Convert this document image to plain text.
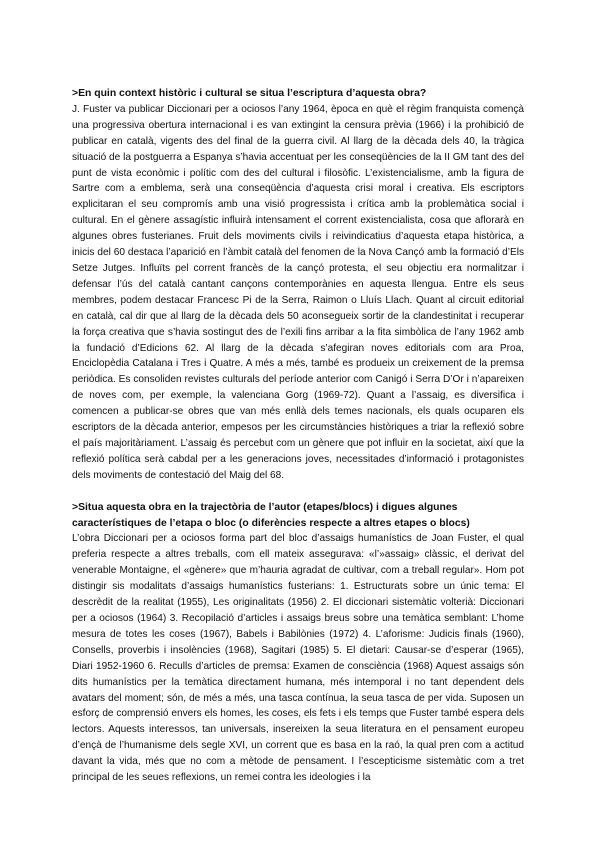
>En quin context històric i cultural se situa l’escriptura d’aquesta obra?

J. Fuster va publicar Diccionari per a ociosos l’any 1964, època en què el règim franquista començà una progressiva obertura internacional i es van extingint la censura prèvia (1966) i la prohibició de publicar en català, vigents des del final de la guerra civil. Al llarg de la dècada dels 40, la tràgica situació de la postguerra a Espanya s’havia accentuat per les conseqüències de la II GM tant des del punt de vista econòmic i polític com des del cultural i filosòfic. L’existencialisme, amb la figura de Sartre com a emblema, serà una conseqüència d’aquesta crisi moral i creativa. Els escriptors explicitaran el seu compromís amb una visió progressista i crítica amb la problemàtica social i cultural. En el gènere assagístic influirà intensament el corrent existencialista, cosa que aflorarà en algunes obres fusterianes. Fruit dels moviments civils i reivindicatius d’aquesta etapa històrica, a inicis del 60 destaca l’aparició en l’àmbit català del fenomen de la Nova Cançó amb la formació d’Els Setze Jutges. Influïts pel corrent francès de la cançó protesta, el seu objectiu era normalitzar i defensar l’ús del català cantant cançons contemporànies en aquesta llengua. Entre els seus membres, podem destacar Francesc Pi de la Serra, Raimon o Lluís Llach. Quant al circuit editorial en català, cal dir que al llarg de la dècada dels 50 aconsegueix sortir de la clandestinitat i recuperar la força creativa que s’havia sostingut des de l’exili fins arribar a la fita simbòlica de l’any 1962 amb la fundació d’Edicions 62. Al llarg de la dècada s’afegiran noves editorials com ara Proa, Enciclopèdia Catalana i Tres i Quatre. A més a més, també es produeix un creixement de la premsa periòdica. Es consoliden revistes culturals del període anterior com Canigó i Serra D’Or i n’apareixen de noves com, per exemple, la valenciana Gorg (1969-72). Quant a l’assaig, es diversifica i comencen a publicar-se obres que van més enllà dels temes nacionals, els quals ocuparen els escriptors de la dècada anterior, empesos per les circumstàncies històriques a triar la reflexió sobre el país majoritàriament. L’assaig és percebut com un gènere que pot influir en la societat, així que la reflexió política serà cabdal per a les generacions joves, necessitades d’informació i protagonistes dels moviments de contestació del Maig del 68.

>Situa aquesta obra en la trajectòria de l’autor (etapes/blocs) i digues algunes característiques de l’etapa o bloc (o diferències respecte a altres etapes o blocs)

L’obra Diccionari per a ociosos forma part del bloc d’assaigs humanístics de Joan Fuster, el qual preferia respecte a altres treballs, com ell mateix assegurava: «l’»assaig» clàssic, el derivat del venerable Montaigne, el «gènere» que m’hauria agradat de cultivar, com a treball regular». Hom pot distingir sis modalitats d’assaigs humanístics fusterians: 1. Estructurats sobre un únic tema: El descrèdit de la realitat (1955), Les originalitats (1956) 2. El diccionari sistemàtic volterià: Diccionari per a ociosos (1964) 3. Recopilació d’articles i assaigs breus sobre una temàtica semblant: L’home mesura de totes les coses (1967), Babels i Babilònies (1972) 4. L’aforisme: Judicis finals (1960), Consells, proverbis i insolències (1968), Sagitari (1985) 5. El dietari: Causar-se d’esperar (1965), Diari 1952-1960 6. Reculls d’articles de premsa: Examen de consciència (1968) Aquest assaigs són dits humanístics per la temàtica directament humana, més intemporal i no tant dependent dels avatars del moment; són, de més a més, una tasca contínua, la seua tasca de per vida. Suposen un esforç de comprensió envers els homes, les coses, els fets i els temps que Fuster també espera dels lectors. Aquests interessos, tan universals, insereixen la seua literatura en el pensament europeu d’ençà de l’humanisme dels segle XVI, un corrent que es basa en la raó, la qual pren com a actitud davant la vida, més que no com a mètode de pensament. I l’escepticisme sistemàtic com a tret principal de les seues reflexions, un remei contra les ideologies i la
